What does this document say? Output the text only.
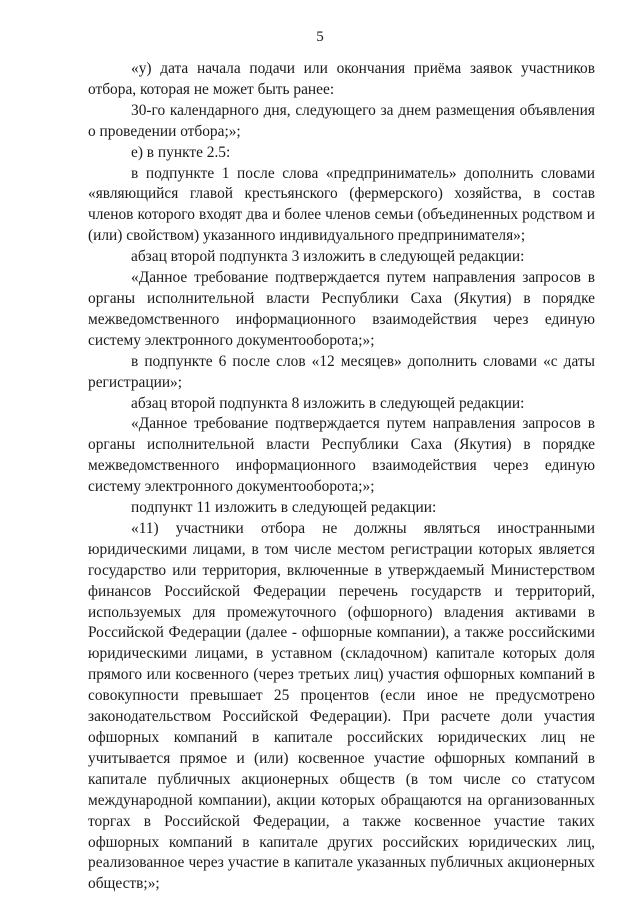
5

«у) дата начала подачи или окончания приёма заявок участников отбора, которая не может быть ранее:

30-го календарного дня, следующего за днем размещения объявления о проведении отбора;»;

е) в пункте 2.5:

в подпункте 1 после слова «предприниматель» дополнить словами «являющийся главой крестьянского (фермерского) хозяйства, в состав членов которого входят два и более членов семьи (объединенных родством и (или) свойством) указанного индивидуального предпринимателя»;

абзац второй подпункта 3 изложить в следующей редакции:

«Данное требование подтверждается путем направления запросов в органы исполнительной власти Республики Саха (Якутия) в порядке межведомственного информационного взаимодействия через единую систему электронного документооборота;»;

в подпункте 6 после слов «12 месяцев» дополнить словами «с даты регистрации»;

абзац второй подпункта 8 изложить в следующей редакции:

«Данное требование подтверждается путем направления запросов в органы исполнительной власти Республики Саха (Якутия) в порядке межведомственного информационного взаимодействия через единую систему электронного документооборота;»;

подпункт 11 изложить в следующей редакции:

«11) участники отбора не должны являться иностранными юридическими лицами, в том числе местом регистрации которых является государство или территория, включенные в утверждаемый Министерством финансов Российской Федерации перечень государств и территорий, используемых для промежуточного (офшорного) владения активами в Российской Федерации (далее - офшорные компании), а также российскими юридическими лицами, в уставном (складочном) капитале которых доля прямого или косвенного (через третьих лиц) участия офшорных компаний в совокупности превышает 25 процентов (если иное не предусмотрено законодательством Российской Федерации). При расчете доли участия офшорных компаний в капитале российских юридических лиц не учитывается прямое и (или) косвенное участие офшорных компаний в капитале публичных акционерных обществ (в том числе со статусом международной компании), акции которых обращаются на организованных торгах в Российской Федерации, а также косвенное участие таких офшорных компаний в капитале других российских юридических лиц, реализованное через участие в капитале указанных публичных акционерных обществ;»;
